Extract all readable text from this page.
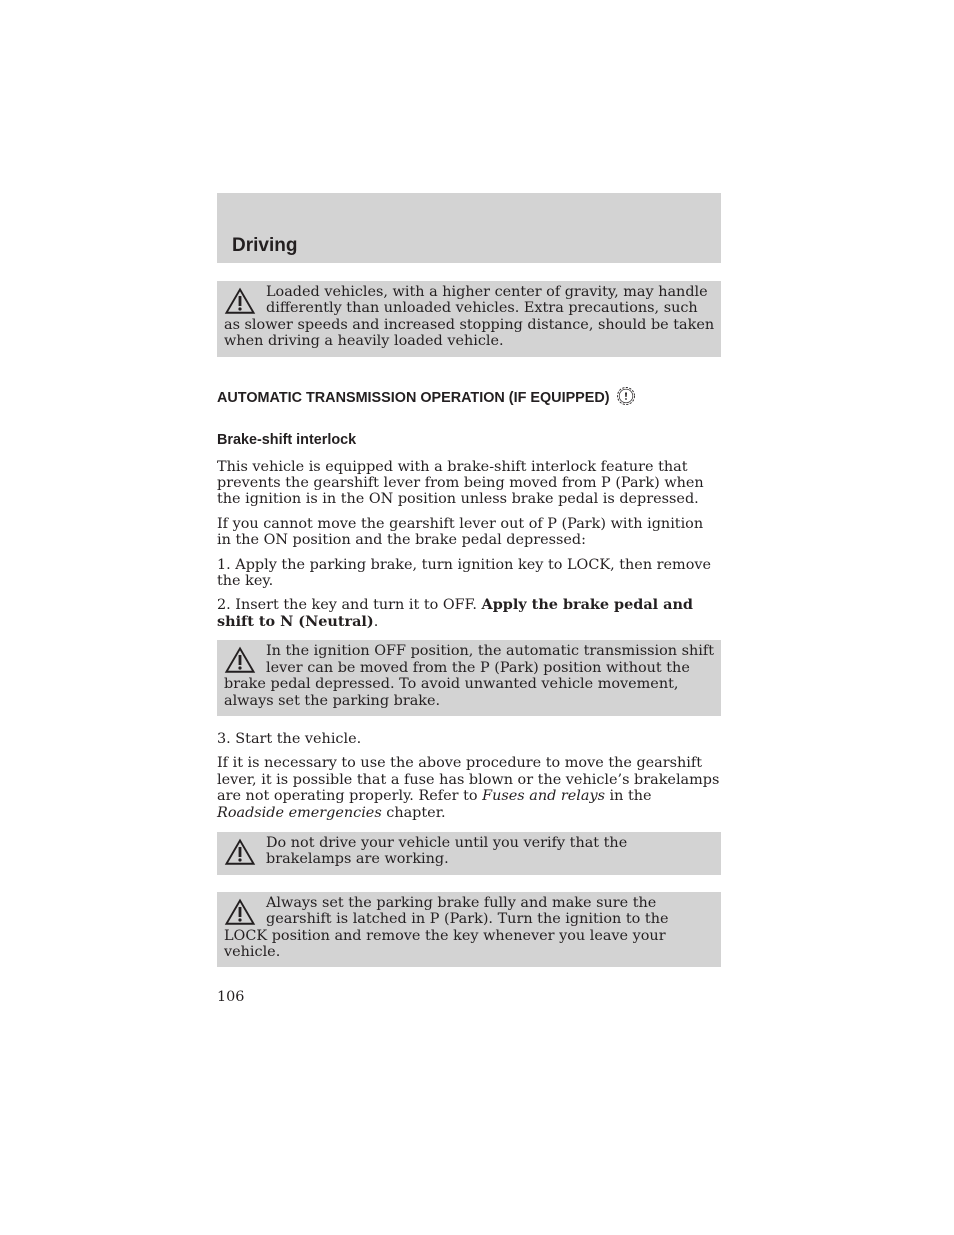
Driving
Loaded vehicles, with a higher center of gravity, may handle differently than unloaded vehicles. Extra precautions, such as slower speeds and increased stopping distance, should be taken when driving a heavily loaded vehicle.
AUTOMATIC TRANSMISSION OPERATION (IF EQUIPPED)
Brake-shift interlock

This vehicle is equipped with a brake-shift interlock feature that prevents the gearshift lever from being moved from P (Park) when the ignition is in the ON position unless brake pedal is depressed.

If you cannot move the gearshift lever out of P (Park) with ignition in the ON position and the brake pedal depressed:

1. Apply the parking brake, turn ignition key to LOCK, then remove the key.

2. Insert the key and turn it to OFF. Apply the brake pedal and shift to N (Neutral).

In the ignition OFF position, the automatic transmission shift lever can be moved from the P (Park) position without the brake pedal depressed. To avoid unwanted vehicle movement, always set the parking brake.

3. Start the vehicle.

If it is necessary to use the above procedure to move the gearshift lever, it is possible that a fuse has blown or the vehicle’s brakelamps are not operating properly. Refer to Fuses and relays in the Roadside emergencies chapter.

Do not drive your vehicle until you verify that the brakelamps are working.
Always set the parking brake fully and make sure the gearshift is latched in P (Park). Turn the ignition to the LOCK position and remove the key whenever you leave your vehicle.
106
